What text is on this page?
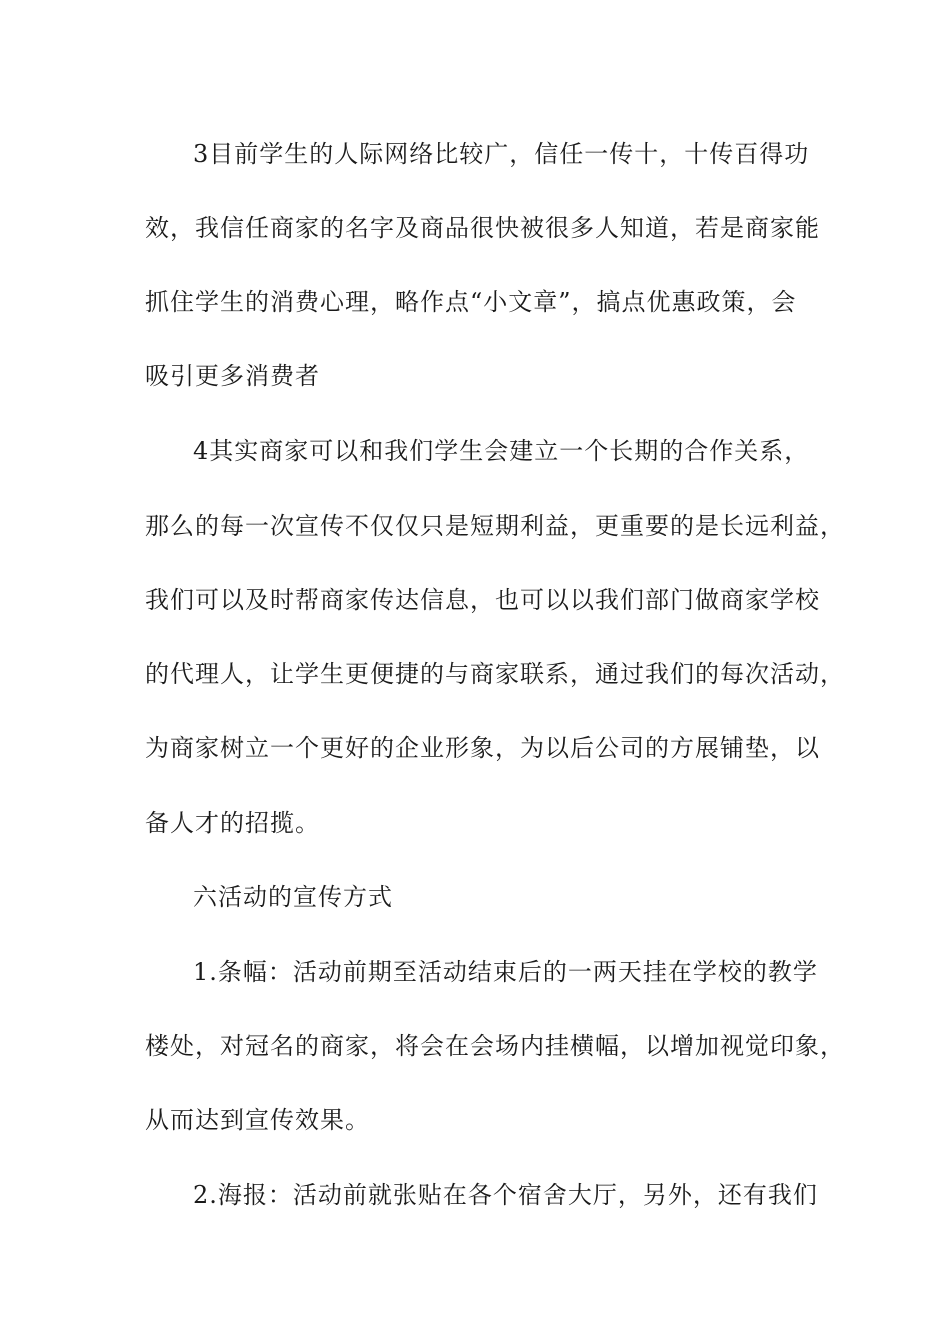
3目前学生的人际网络比较广，信任一传十，十传百得功
效，我信任商家的名字及商品很快被很多人知道，若是商家能
抓住学生的消费心理，略作点“小文章”，搞点优惠政策，会
吸引更多消费者
4其实商家可以和我们学生会建立一个长期的合作关系，
那么的每一次宣传不仅仅只是短期利益，更重要的是长远利益，
我们可以及时帮商家传达信息，也可以以我们部门做商家学校
的代理人，让学生更便捷的与商家联系，通过我们的每次活动，
为商家树立一个更好的企业形象，为以后公司的方展铺垫，以
备人才的招揽。
六活动的宣传方式
1.条幅：活动前期至活动结束后的一两天挂在学校的教学
楼处，对冠名的商家，将会在会场内挂横幅，以增加视觉印象，
从而达到宣传效果。
2.海报：活动前就张贴在各个宿舍大厅，另外，还有我们
